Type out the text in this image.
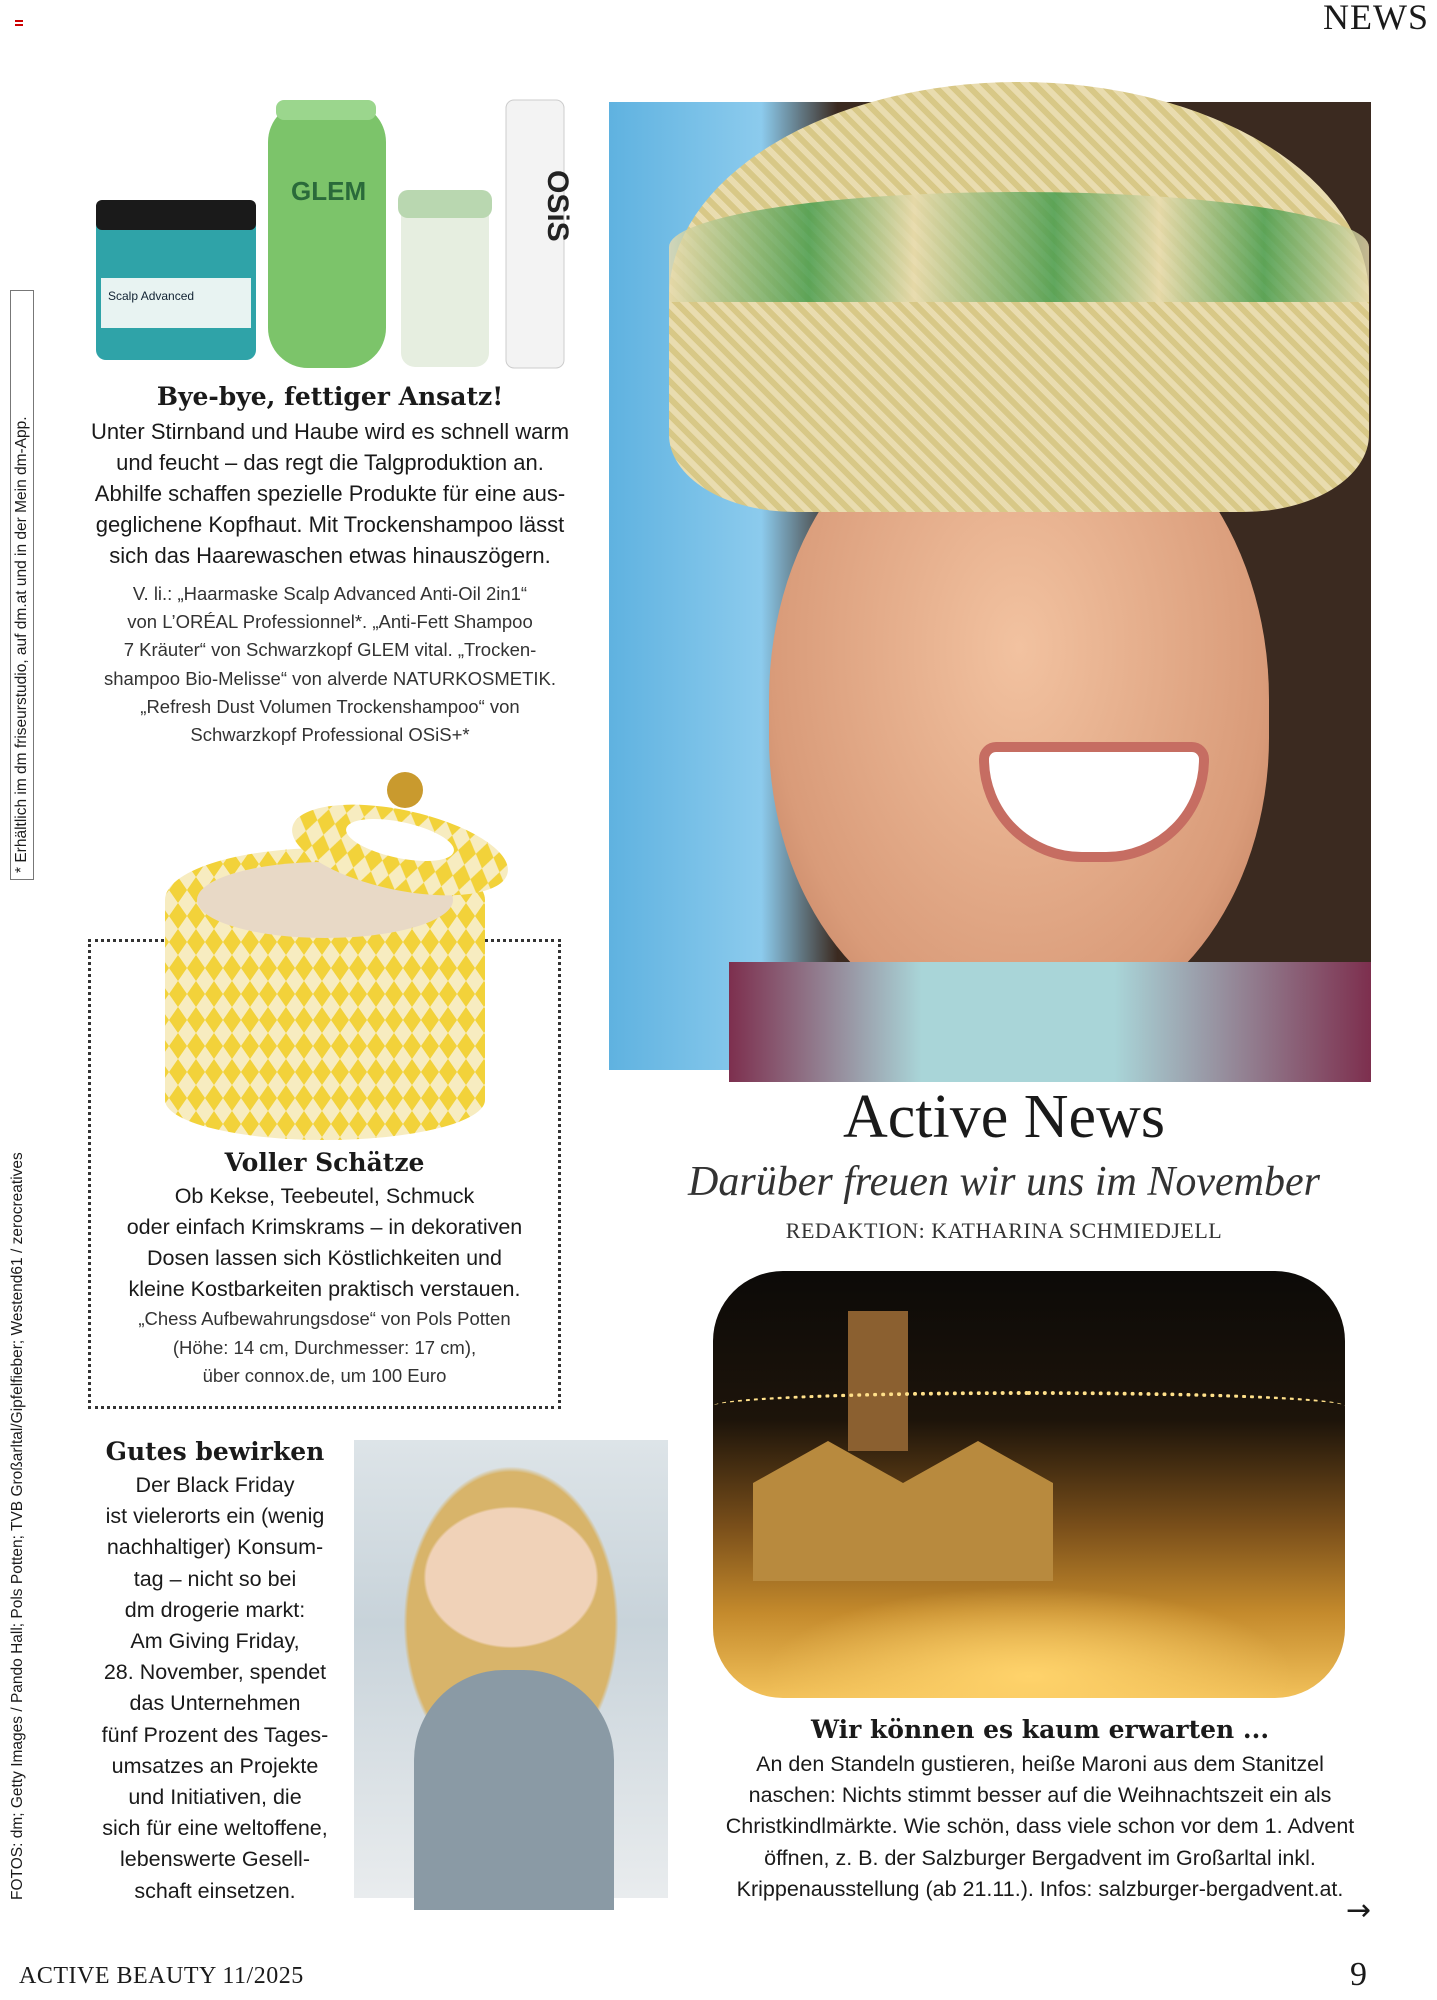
NEWS
* Erhältlich im dm friseurstudio, auf dm.at und in der Mein dm-App.
FOTOS: dm; Getty Images / Pando Hall; Pols Potten; TVB Großarltal/Gipfelfieber; Westend61 / zerocreatives
Scalp Advanced
GLEM	OSiS
Bye-bye, fettiger Ansatz!
Unter Stirnband und Haube wird es schnell warm
und feucht – das regt die Talgproduktion an.
Abhilfe schaffen spezielle Produkte für eine aus-
geglichene Kopfhaut. Mit Trockenshampoo lässt
sich das Haarewaschen etwas hinauszögern.
V. li.: „Haarmaske Scalp Advanced Anti-Oil 2in1“
von L’ORÉAL Professionnel*. „Anti-Fett Shampoo
7 Kräuter“ von Schwarzkopf GLEM vital. „Trocken-
shampoo Bio-Melisse“ von alverde NATURKOSMETIK.
„Refresh Dust Volumen Trockenshampoo“ von
Schwarzkopf Professional OSiS+*
Voller Schätze
Ob Kekse, Teebeutel, Schmuck
oder einfach Krimskrams – in dekorativen
Dosen lassen sich Köstlichkeiten und
kleine Kostbarkeiten praktisch verstauen.
„Chess Aufbewahrungsdose“ von Pols Potten
(Höhe: 14 cm, Durchmesser: 17 cm),
über connox.de, um 100 Euro
Gutes bewirken
Der Black Friday
ist vielerorts ein (wenig
nachhaltiger) Konsum-
tag – nicht so bei
dm drogerie markt:
Am Giving Friday,
28. November, spendet
das Unternehmen
fünf Prozent des Tages-
umsatzes an Projekte
und Initiativen, die
sich für eine weltoffene,
lebenswerte Gesell-
schaft einsetzen.
Active News
Darüber freuen wir uns im November
REDAKTION: KATHARINA SCHMIEDJELL
Wir können es kaum erwarten ...
An den Standeln gustieren, heiße Maroni aus dem Stanitzel
naschen: Nichts stimmt besser auf die Weihnachtszeit ein als
Christkindlmärkte. Wie schön, dass viele schon vor dem 1. Advent
öffnen, z. B. der Salzburger Bergadvent im Großarltal inkl.
Krippenausstellung (ab 21.11.). Infos: salzburger-bergadvent.at.
→
ACTIVE BEAUTY 11/2025	9
